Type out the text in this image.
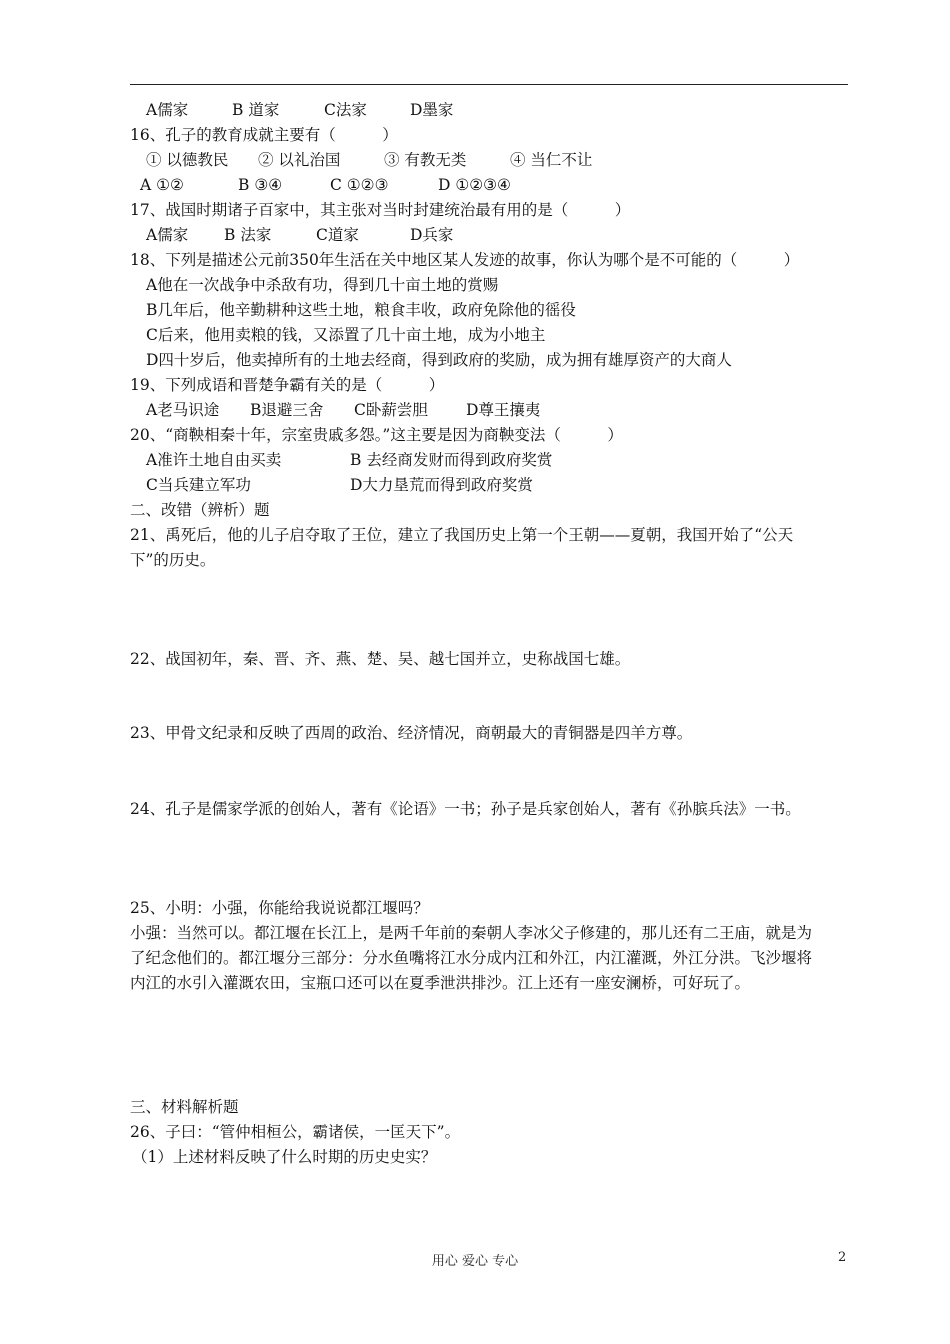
A儒家	B 道家	C法家	D墨家
16、孔子的教育成就主要有（　　　）
① 以德教民 ② 以礼治国	③ 有教无类	④ 当仁不让
A ①②	B ③④	C ①②③	D ①②③④
17、战国时期诸子百家中，其主张对当时封建统治最有用的是（　　　）
A儒家 B 法家	C道家	D兵家
18、下列是描述公元前350年生活在关中地区某人发迹的故事，你认为哪个是不可能的（　　　）
A他在一次战争中杀敌有功，得到几十亩土地的赏赐
B几年后，他辛勤耕种这些土地，粮食丰收，政府免除他的徭役
C后来，他用卖粮的钱，又添置了几十亩土地，成为小地主
D四十岁后，他卖掉所有的土地去经商，得到政府的奖励，成为拥有雄厚资产的大商人
19、下列成语和晋楚争霸有关的是（　　　）
A老马识途 B退避三舍 C卧薪尝胆 D尊王攘夷
20、“商鞅相秦十年，宗室贵戚多怨。”这主要是因为商鞅变法（　　　）
A准许土地自由买卖	B 去经商发财而得到政府奖赏
C当兵建立军功	D大力垦荒而得到政府奖赏
二、改错（辨析）题
21、禹死后，他的儿子启夺取了王位，建立了我国历史上第一个王朝——夏朝，我国开始了“公天
下”的历史。
22、战国初年，秦、晋、齐、燕、楚、吴、越七国并立，史称战国七雄。
23、甲骨文纪录和反映了西周的政治、经济情况，商朝最大的青铜器是四羊方尊。
24、孔子是儒家学派的创始人，著有《论语》一书；孙子是兵家创始人，著有《孙膑兵法》一书。
25、小明：小强，你能给我说说都江堰吗？
小强：当然可以。都江堰在长江上，是两千年前的秦朝人李冰父子修建的，那儿还有二王庙，就是为
了纪念他们的。都江堰分三部分：分水鱼嘴将江水分成内江和外江，内江灌溉，外江分洪。飞沙堰将
内江的水引入灌溉农田，宝瓶口还可以在夏季泄洪排沙。江上还有一座安澜桥，可好玩了。
三、材料解析题
26、子曰：“管仲相桓公，霸诸侯，一匡天下”。
（1）上述材料反映了什么时期的历史史实？
用心 爱心 专心	2
